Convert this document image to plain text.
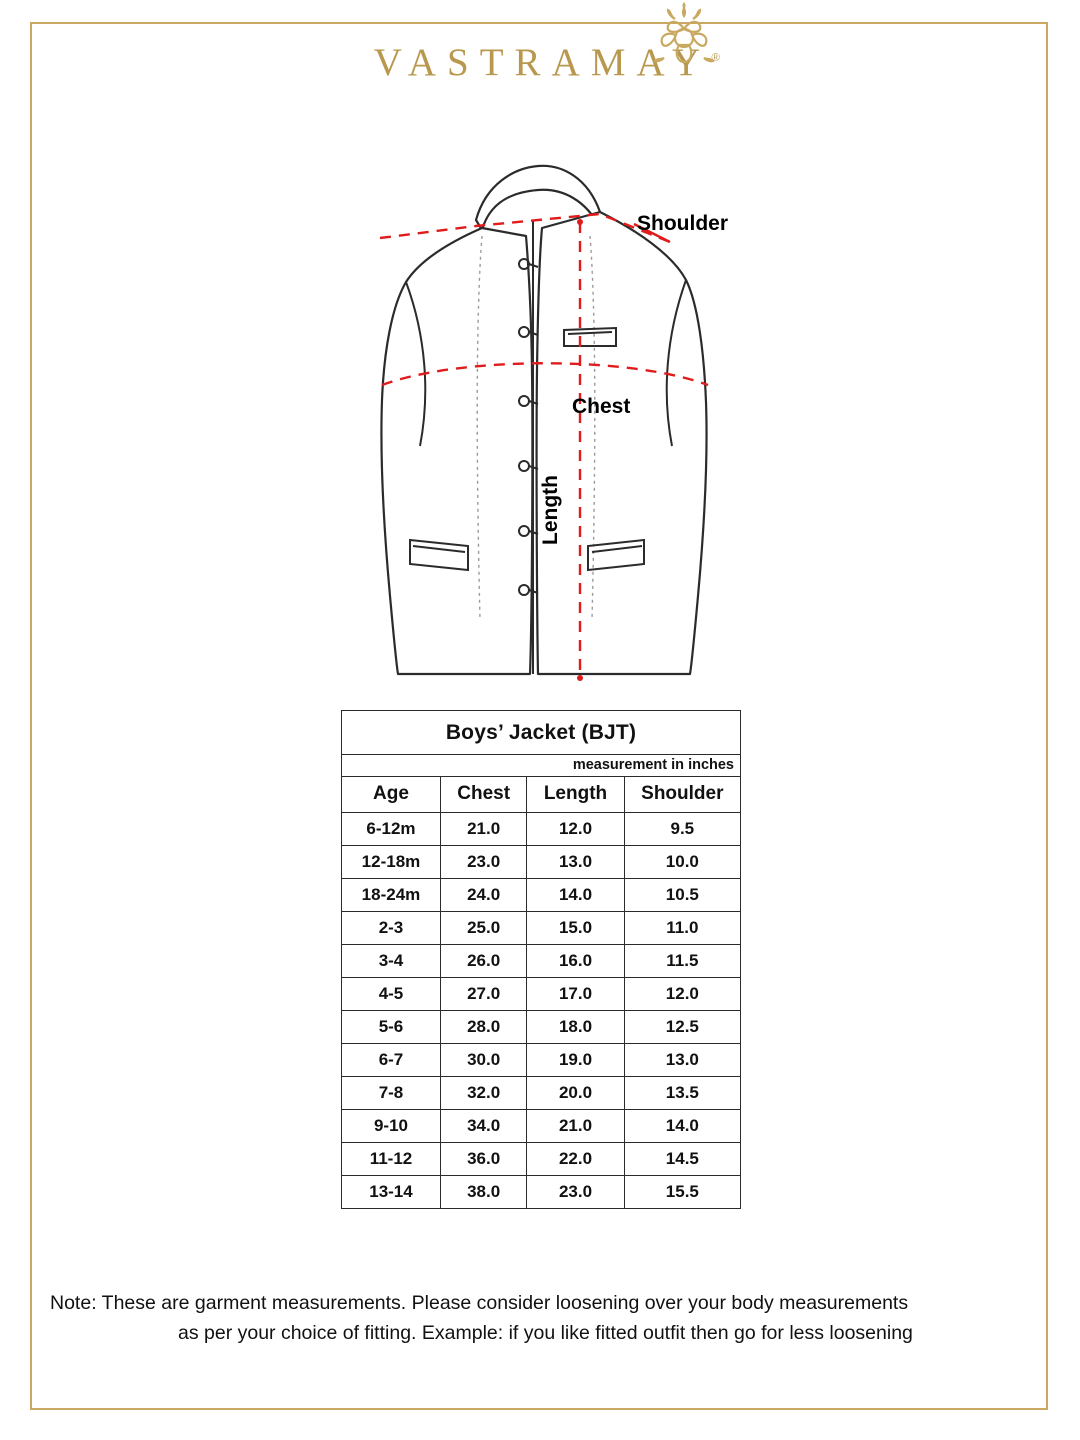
VASTRAMAY®
Shoulder
Chest
Length
Boys’ Jacket (BJT)			
measurement in inches			
Age	Chest	Length	Shoulder
6-12m	21.0	12.0	9.5
12-18m	23.0	13.0	10.0
18-24m	24.0	14.0	10.5
2-3	25.0	15.0	11.0
3-4	26.0	16.0	11.5
4-5	27.0	17.0	12.0
5-6	28.0	18.0	12.5
6-7	30.0	19.0	13.0
7-8	32.0	20.0	13.5
9-10	34.0	21.0	14.0
11-12	36.0	22.0	14.5
13-14	38.0	23.0	15.5
Note: These are garment measurements. Please consider loosening over your body measurements
as per your choice of fitting. Example: if you like fitted outfit then go for less loosening
